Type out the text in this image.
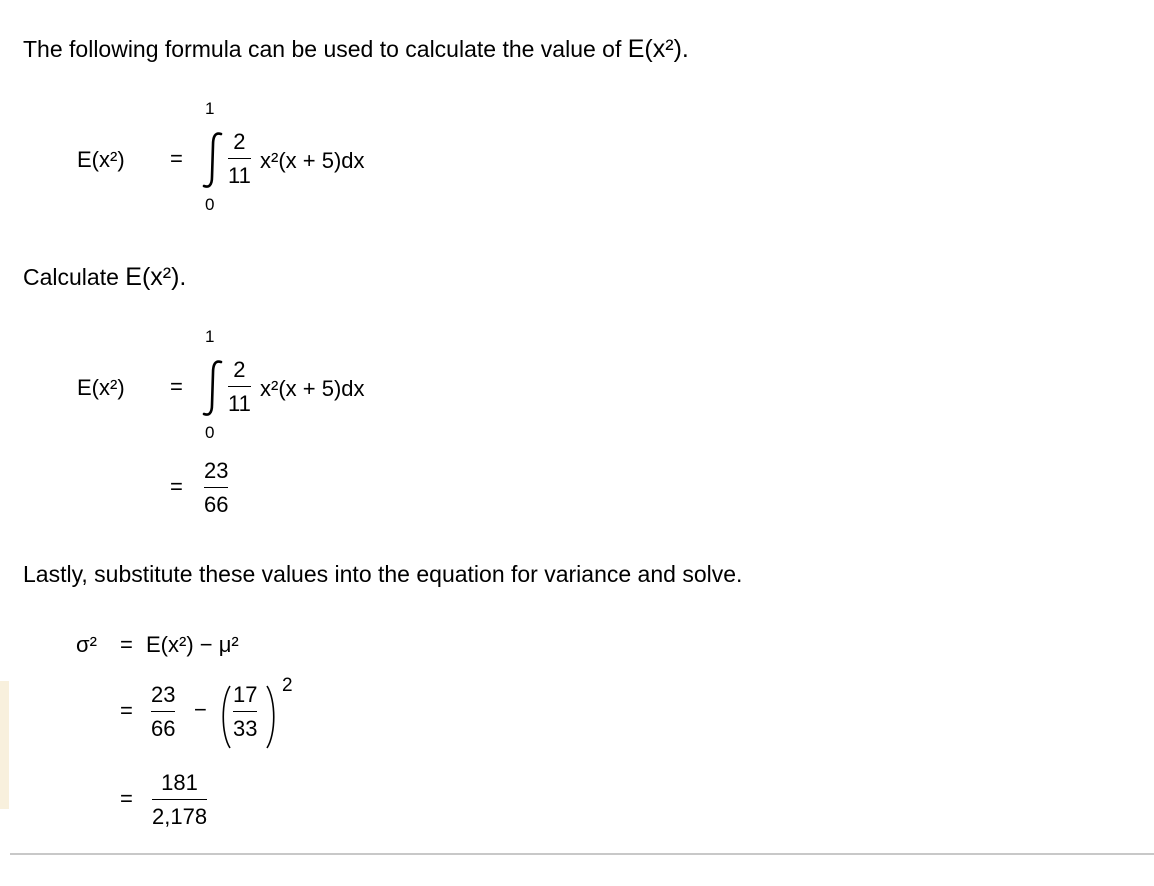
The following formula can be used to calculate the value of E(x²).
E(x²) =
1
0
2
11
x²(x + 5)dx
Calculate E(x²).
E(x²) =
1
0
2
11
x²(x + 5)dx
=
23
66
Lastly, substitute these values into the equation for variance and solve.
σ² = E(x²) − μ²
=
23
66
−
17
33
2
=
181
2,178
